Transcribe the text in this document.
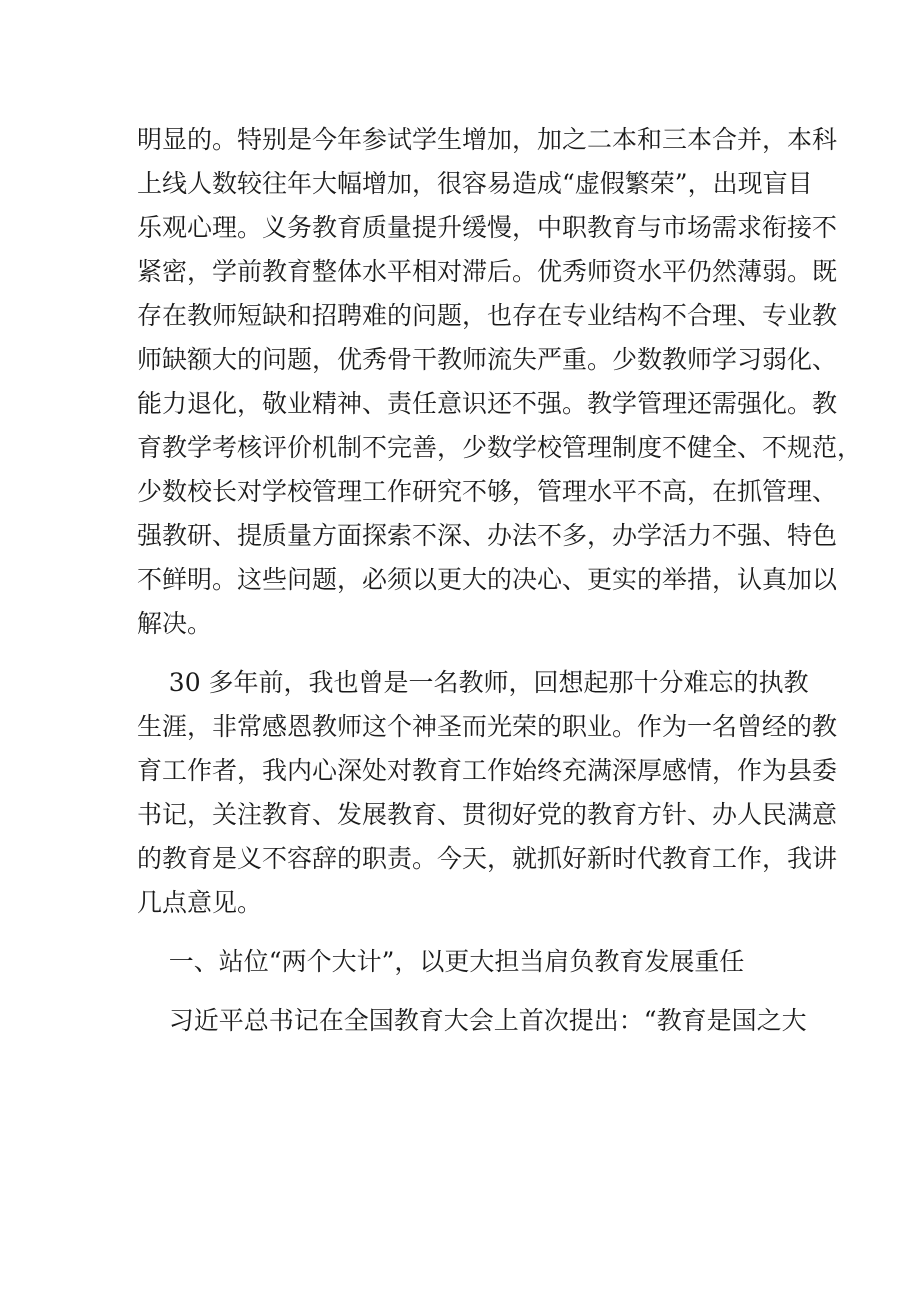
明显的。特别是今年参试学生增加，加之二本和三本合并，本科
上线人数较往年大幅增加，很容易造成“虚假繁荣”，出现盲目
乐观心理。义务教育质量提升缓慢，中职教育与市场需求衔接不
紧密，学前教育整体水平相对滞后。优秀师资水平仍然薄弱。既
存在教师短缺和招聘难的问题，也存在专业结构不合理、专业教
师缺额大的问题，优秀骨干教师流失严重。少数教师学习弱化、
能力退化，敬业精神、责任意识还不强。教学管理还需强化。教
育教学考核评价机制不完善，少数学校管理制度不健全、不规范，
少数校长对学校管理工作研究不够，管理水平不高，在抓管理、
强教研、提质量方面探索不深、办法不多，办学活力不强、特色
不鲜明。这些问题，必须以更大的决心、更实的举措，认真加以
解决。
30 多年前，我也曾是一名教师，回想起那十分难忘的执教
生涯，非常感恩教师这个神圣而光荣的职业。作为一名曾经的教
育工作者，我内心深处对教育工作始终充满深厚感情，作为县委
书记，关注教育、发展教育、贯彻好党的教育方针、办人民满意
的教育是义不容辞的职责。今天，就抓好新时代教育工作，我讲
几点意见。
一、站位“两个大计”，以更大担当肩负教育发展重任
习近平总书记在全国教育大会上首次提出：“教育是国之大
